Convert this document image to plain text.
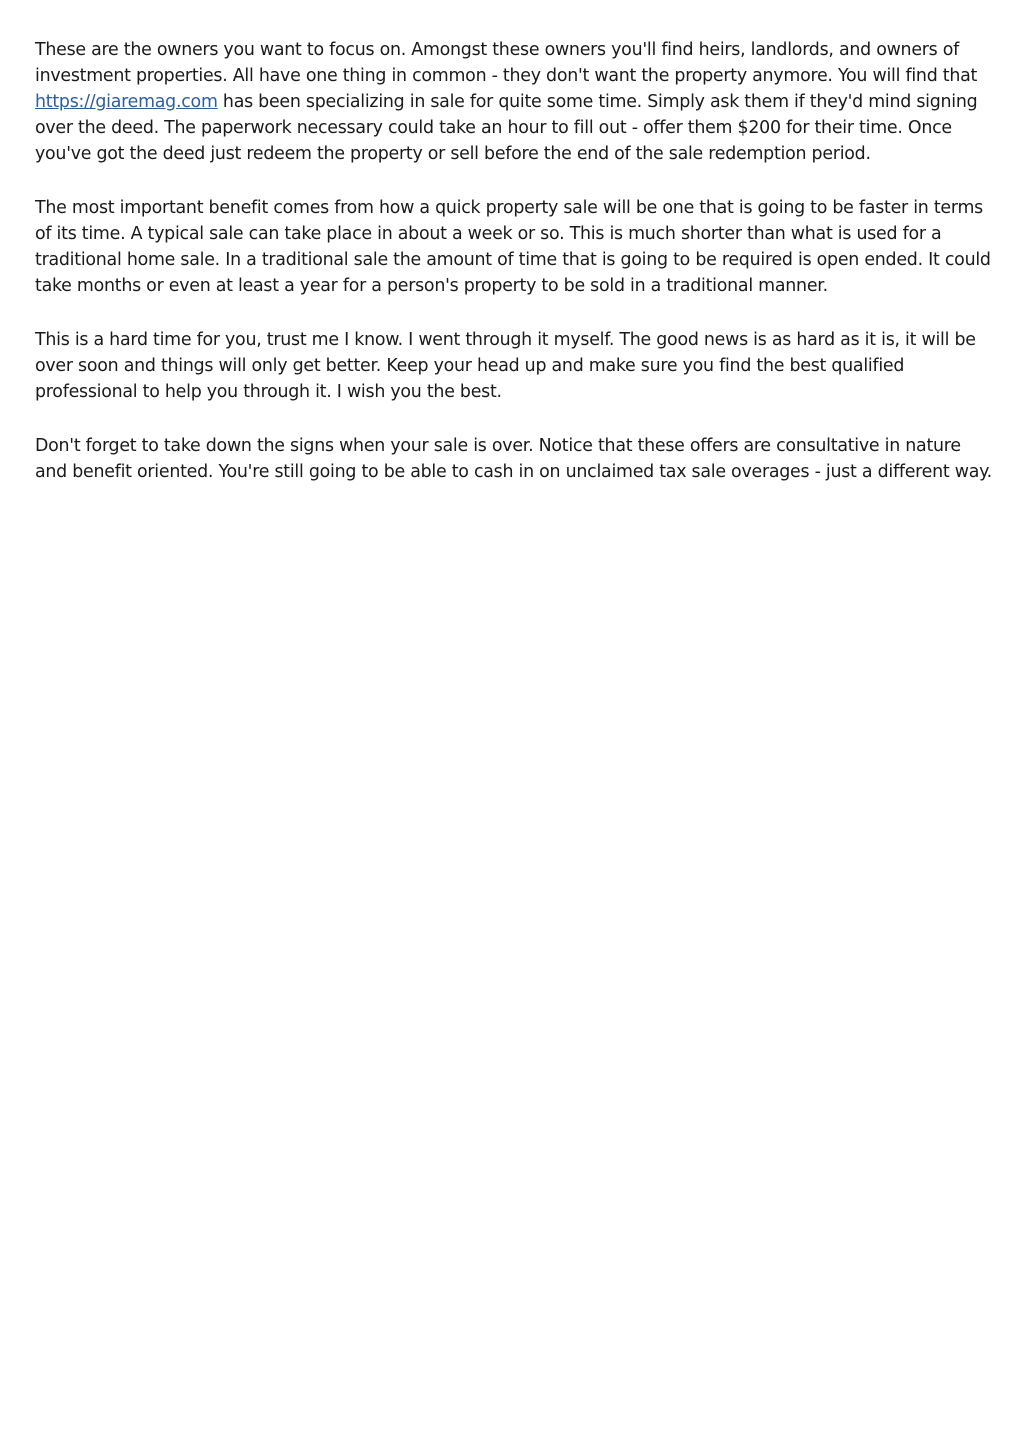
These are the owners you want to focus on. Amongst these owners you'll find heirs, landlords, and owners of investment properties. All have one thing in common - they don't want the property anymore. You will find that https://giaremag.com has been specializing in sale for quite some time. Simply ask them if they'd mind signing over the deed. The paperwork necessary could take an hour to fill out - offer them $200 for their time. Once you've got the deed just redeem the property or sell before the end of the sale redemption period.

The most important benefit comes from how a quick property sale will be one that is going to be faster in terms of its time. A typical sale can take place in about a week or so. This is much shorter than what is used for a traditional home sale. In a traditional sale the amount of time that is going to be required is open ended. It could take months or even at least a year for a person's property to be sold in a traditional manner.

This is a hard time for you, trust me I know. I went through it myself. The good news is as hard as it is, it will be over soon and things will only get better. Keep your head up and make sure you find the best qualified professional to help you through it. I wish you the best.

Don't forget to take down the signs when your sale is over. Notice that these offers are consultative in nature and benefit oriented. You're still going to be able to cash in on unclaimed tax sale overages - just a different way.
